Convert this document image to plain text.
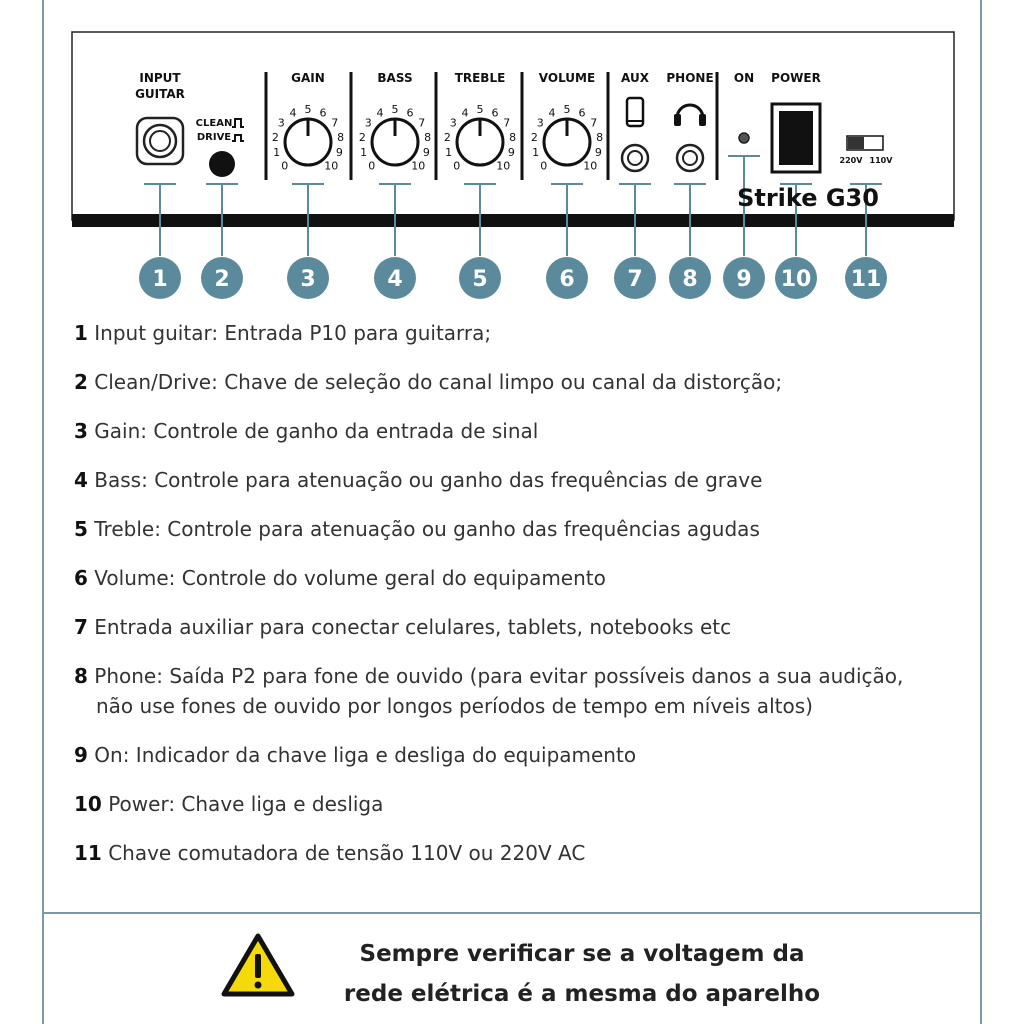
INPUT
GUITAR
CLEAN
DRIVE
GAIN
0
1
2
3
4 5 6
7
8
9
10
BASS
0
1
2
3
4 5 6
7
8
9
10
TREBLE
0
1
2
3
4 5 6
7
8
9
10
VOLUME
0
1
2
3
4 5 6
7
8
9
10
AUX PHONE ON POWER
220V 110V
Strike G30
1 2	3	4	5	6 7 8 9 10 11
1 Input guitar: Entrada P10 para guitarra;
2 Clean/Drive: Chave de seleção do canal limpo ou canal da distorção;
3 Gain: Controle de ganho da entrada de sinal
4 Bass: Controle para atenuação ou ganho das frequências de grave
5 Treble: Controle para atenuação ou ganho das frequências agudas
6 Volume: Controle do volume geral do equipamento
7 Entrada auxiliar para conectar celulares, tablets, notebooks etc
8 Phone: Saída P2 para fone de ouvido (para evitar possíveis danos a sua audição,
não use fones de ouvido por longos períodos de tempo em níveis altos)
9 On: Indicador da chave liga e desliga do equipamento
10 Power: Chave liga e desliga
11 Chave comutadora de tensão 110V ou 220V AC
Sempre verificar se a voltagem da
rede elétrica é a mesma do aparelho
